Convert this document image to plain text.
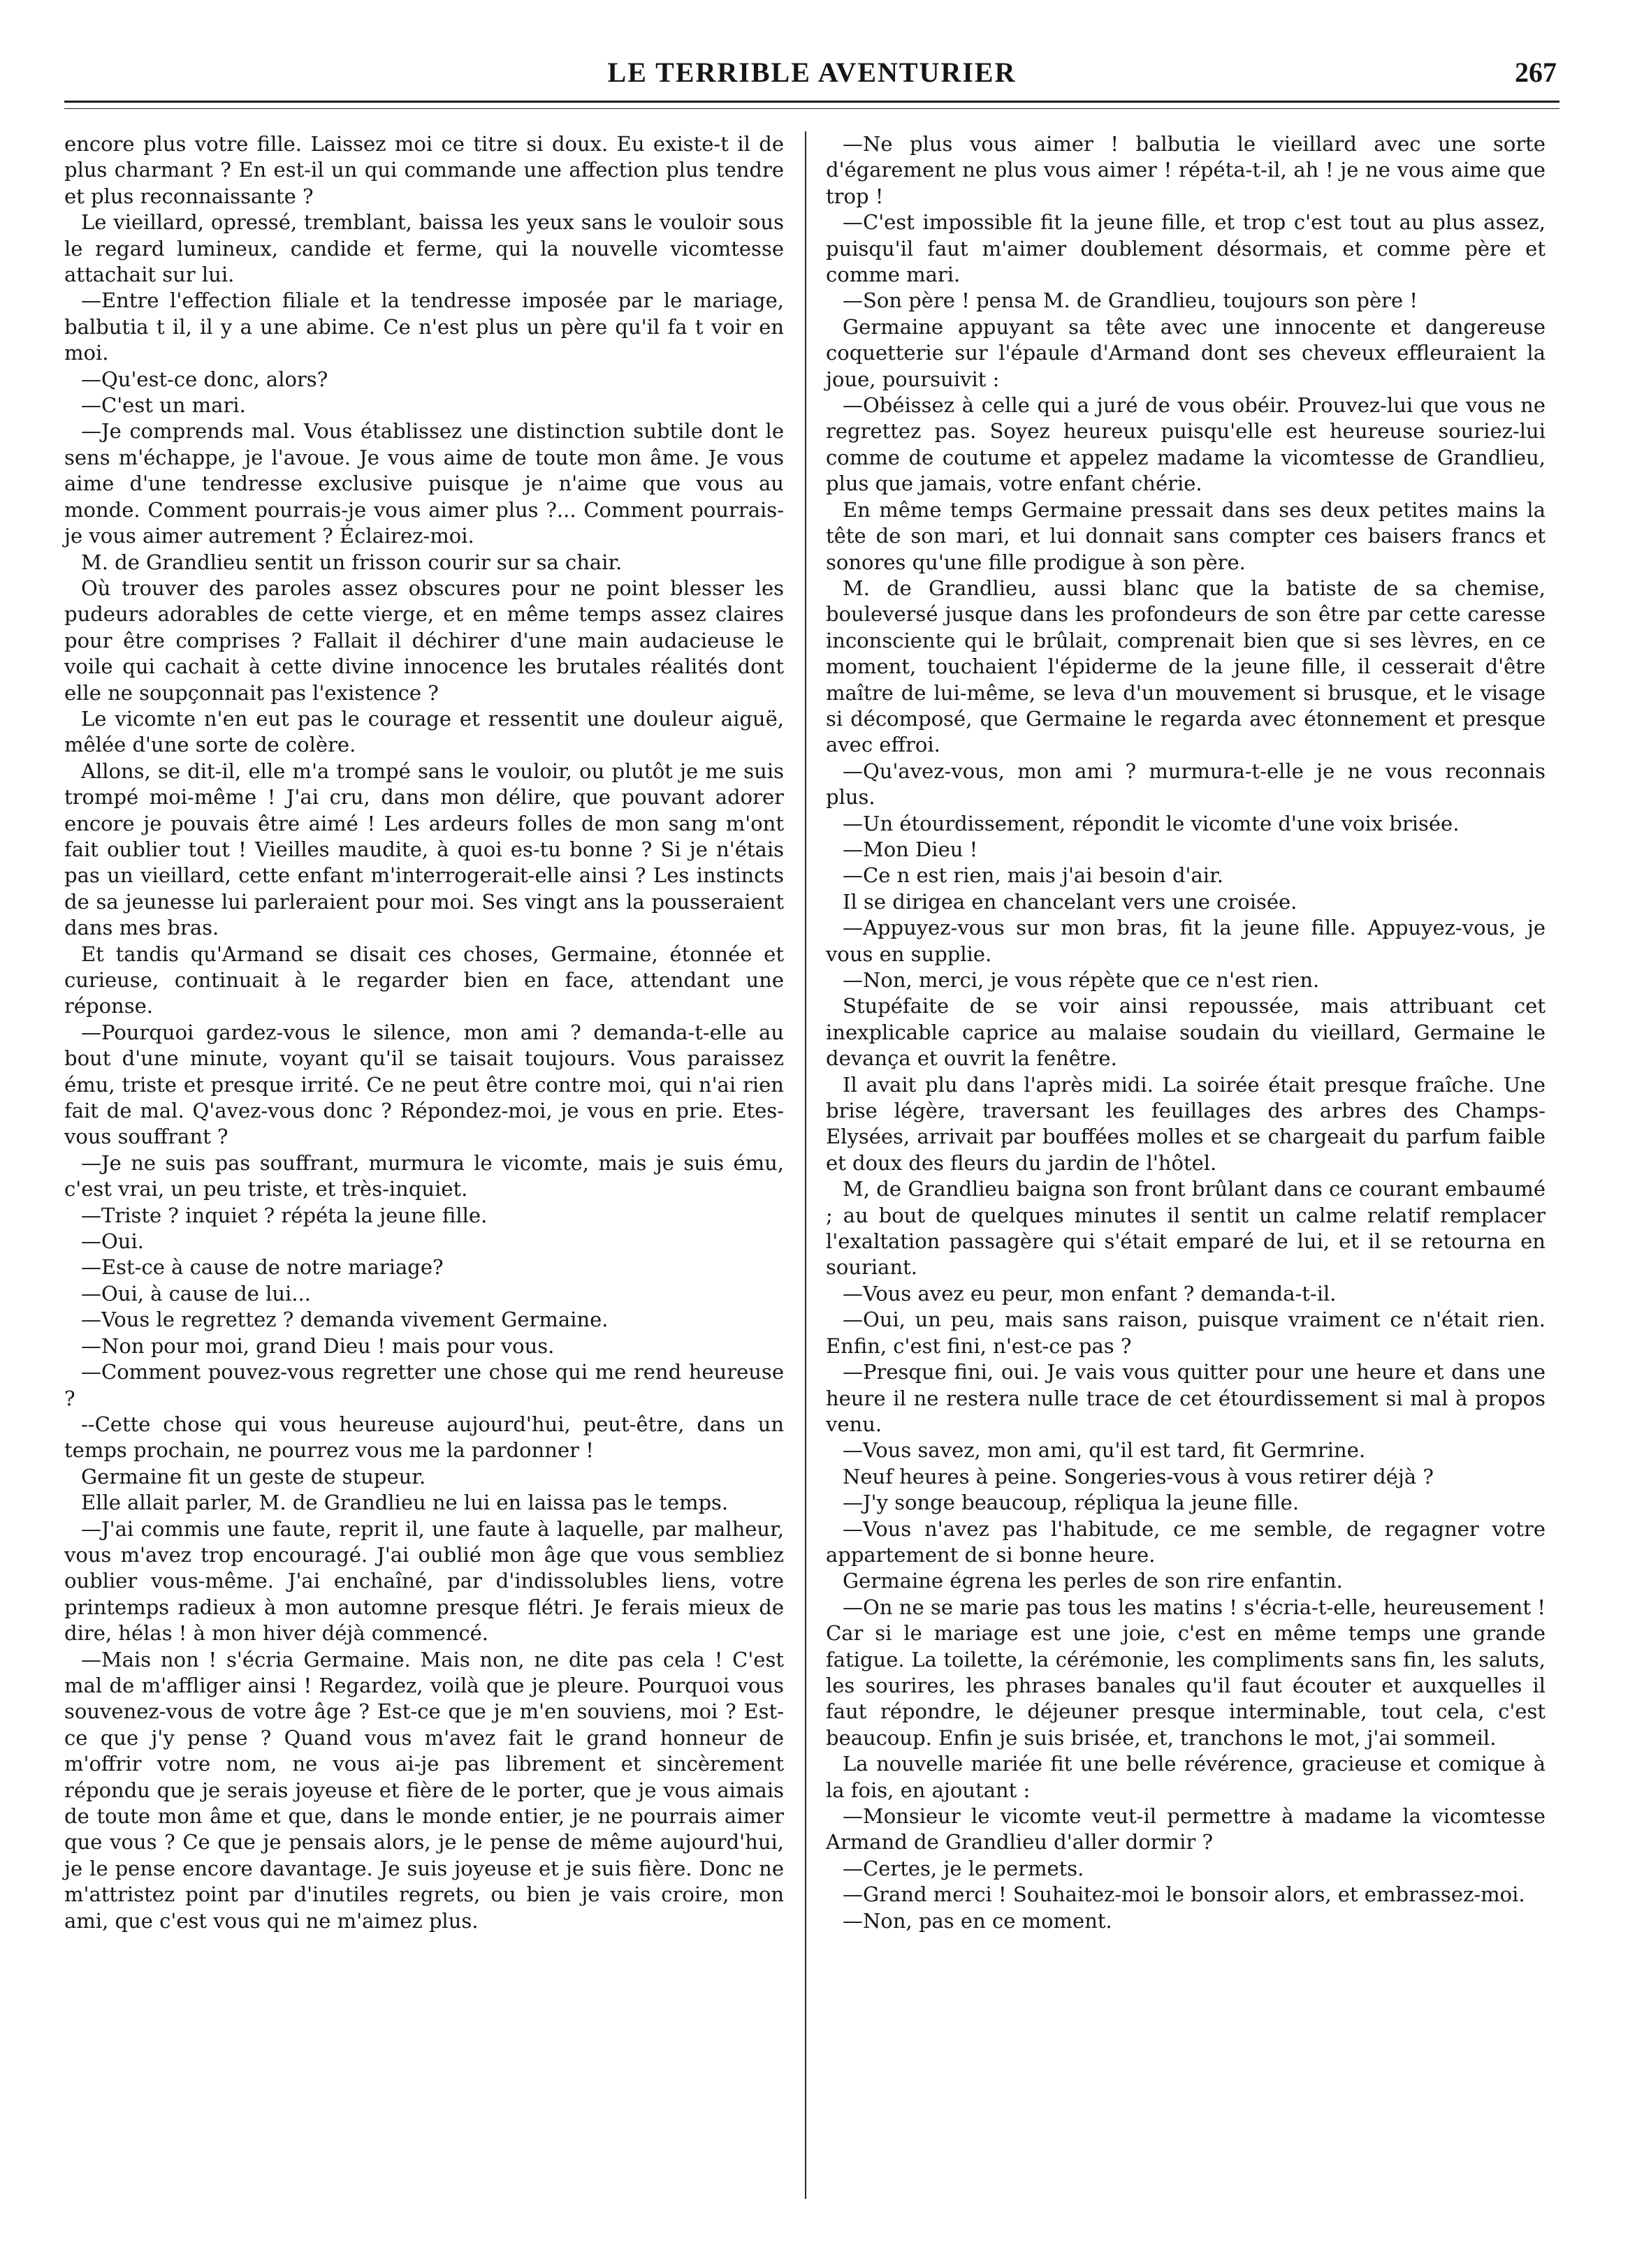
LE TERRIBLE AVENTURIER	267

encore plus votre fille. Laissez moi ce titre si doux. Eu existe-t il de plus charmant ? En est-il un qui commande une affection plus tendre et plus reconnaissante ?

Le vieillard, opressé, tremblant, baissa les yeux sans le vouloir sous le regard lumineux, candide et ferme, qui la nouvelle vicomtesse attachait sur lui.

—Entre l'effection filiale et la tendresse imposée par le mariage, balbutia t il, il y a une abime. Ce n'est plus un père qu'il fa t voir en moi.

—Qu'est-ce donc, alors?

—C'est un mari.

—Je comprends mal. Vous établissez une distinction subtile dont le sens m'échappe, je l'avoue. Je vous aime de toute mon âme. Je vous aime d'une tendresse exclusive puisque je n'aime que vous au monde. Comment pourrais-je vous aimer plus ?... Comment pourrais-je vous aimer autrement ? Éclairez-moi.

M. de Grandlieu sentit un frisson courir sur sa chair.

Où trouver des paroles assez obscures pour ne point blesser les pudeurs adorables de cette vierge, et en même temps assez claires pour être comprises ? Fallait il déchirer d'une main audacieuse le voile qui cachait à cette divine innocence les brutales réalités dont elle ne soupçonnait pas l'existence ?

Le vicomte n'en eut pas le courage et ressentit une douleur aiguë, mêlée d'une sorte de colère.

Allons, se dit-il, elle m'a trompé sans le vouloir, ou plutôt je me suis trompé moi-même ! J'ai cru, dans mon délire, que pouvant adorer encore je pouvais être aimé ! Les ardeurs folles de mon sang m'ont fait oublier tout ! Vieilles maudite, à quoi es-tu bonne ? Si je n'étais pas un vieillard, cette enfant m'interrogerait-elle ainsi ? Les instincts de sa jeunesse lui parleraient pour moi. Ses vingt ans la pousseraient dans mes bras.

Et tandis qu'Armand se disait ces choses, Germaine, étonnée et curieuse, continuait à le regarder bien en face, attendant une réponse.

—Pourquoi gardez-vous le silence, mon ami ? demanda-t-elle au bout d'une minute, voyant qu'il se taisait toujours. Vous paraissez ému, triste et presque irrité. Ce ne peut être contre moi, qui n'ai rien fait de mal. Q'avez-vous donc ? Répondez-moi, je vous en prie. Etes-vous souffrant ?

—Je ne suis pas souffrant, murmura le vicomte, mais je suis ému, c'est vrai, un peu triste, et très-inquiet.

—Triste ? inquiet ? répéta la jeune fille.

—Oui.

—Est-ce à cause de notre mariage?

—Oui, à cause de lui...

—Vous le regrettez ? demanda vivement Germaine.

—Non pour moi, grand Dieu ! mais pour vous.

—Comment pouvez-vous regretter une chose qui me rend heureuse ?

--Cette chose qui vous heureuse aujourd'hui, peut-être, dans un temps prochain, ne pourrez vous me la pardonner !

Germaine fit un geste de stupeur.

Elle allait parler, M. de Grandlieu ne lui en laissa pas le temps.

—J'ai commis une faute, reprit il, une faute à laquelle, par malheur, vous m'avez trop encouragé. J'ai oublié mon âge que vous sembliez oublier vous-même. J'ai enchaîné, par d'indissolubles liens, votre printemps radieux à mon automne presque flétri. Je ferais mieux de dire, hélas ! à mon hiver déjà commencé.

—Mais non ! s'écria Germaine. Mais non, ne dite pas cela ! C'est mal de m'affliger ainsi ! Regardez, voilà que je pleure. Pourquoi vous souvenez-vous de votre âge ? Est-ce que je m'en souviens, moi ? Est-ce que j'y pense ? Quand vous m'avez fait le grand honneur de m'offrir votre nom, ne vous ai-je pas librement et sincèrement répondu que je serais joyeuse et fière de le porter, que je vous aimais de toute mon âme et que, dans le monde entier, je ne pourrais aimer que vous ? Ce que je pensais alors, je le pense de même aujourd'hui, je le pense encore davantage. Je suis joyeuse et je suis fière. Donc ne m'attristez point par d'inutiles regrets, ou bien je vais croire, mon ami, que c'est vous qui ne m'aimez plus.

—Ne plus vous aimer ! balbutia le vieillard avec une sorte d'égarement ne plus vous aimer ! répéta-t-il, ah ! je ne vous aime que trop !

—C'est impossible fit la jeune fille, et trop c'est tout au plus assez, puisqu'il faut m'aimer doublement désormais, et comme père et comme mari.

—Son père ! pensa M. de Grandlieu, toujours son père !

Germaine appuyant sa tête avec une innocente et dangereuse coquetterie sur l'épaule d'Armand dont ses cheveux effleuraient la joue, poursuivit :

—Obéissez à celle qui a juré de vous obéir. Prouvez-lui que vous ne regrettez pas. Soyez heureux puisqu'elle est heureuse souriez-lui comme de coutume et appelez madame la vicomtesse de Grandlieu, plus que jamais, votre enfant chérie.

En même temps Germaine pressait dans ses deux petites mains la tête de son mari, et lui donnait sans compter ces baisers francs et sonores qu'une fille prodigue à son père.

M. de Grandlieu, aussi blanc que la batiste de sa chemise, bouleversé jusque dans les profondeurs de son être par cette caresse inconsciente qui le brûlait, comprenait bien que si ses lèvres, en ce moment, touchaient l'épiderme de la jeune fille, il cesserait d'être maître de lui-même, se leva d'un mouvement si brusque, et le visage si décomposé, que Germaine le regarda avec étonnement et presque avec effroi.

—Qu'avez-vous, mon ami ? murmura-t-elle je ne vous reconnais plus.

—Un étourdissement, répondit le vicomte d'une voix brisée.

—Mon Dieu !

—Ce n est rien, mais j'ai besoin d'air.

Il se dirigea en chancelant vers une croisée.

—Appuyez-vous sur mon bras, fit la jeune fille. Appuyez-vous, je vous en supplie.

—Non, merci, je vous répète que ce n'est rien.

Stupéfaite de se voir ainsi repoussée, mais attribuant cet inexplicable caprice au malaise soudain du vieillard, Germaine le devança et ouvrit la fenêtre.

Il avait plu dans l'après midi. La soirée était presque fraîche. Une brise légère, traversant les feuillages des arbres des Champs-Elysées, arrivait par bouffées molles et se chargeait du parfum faible et doux des fleurs du jardin de l'hôtel.

M, de Grandlieu baigna son front brûlant dans ce courant embaumé ; au bout de quelques minutes il sentit un calme relatif remplacer l'exaltation passagère qui s'était emparé de lui, et il se retourna en souriant.

—Vous avez eu peur, mon enfant ? demanda-t-il.

—Oui, un peu, mais sans raison, puisque vraiment ce n'était rien. Enfin, c'est fini, n'est-ce pas ?

—Presque fini, oui. Je vais vous quitter pour une heure et dans une heure il ne restera nulle trace de cet étourdissement si mal à propos venu.

—Vous savez, mon ami, qu'il est tard, fit Germrine.

Neuf heures à peine. Songeries-vous à vous retirer déjà ?

—J'y songe beaucoup, répliqua la jeune fille.

—Vous n'avez pas l'habitude, ce me semble, de regagner votre appartement de si bonne heure.

Germaine égrena les perles de son rire enfantin.

—On ne se marie pas tous les matins ! s'écria-t-elle, heureusement ! Car si le mariage est une joie, c'est en même temps une grande fatigue. La toilette, la cérémonie, les compliments sans fin, les saluts, les sourires, les phrases banales qu'il faut écouter et auxquelles il faut répondre, le déjeuner presque interminable, tout cela, c'est beaucoup. Enfin je suis brisée, et, tranchons le mot, j'ai sommeil.

La nouvelle mariée fit une belle révérence, gracieuse et comique à la fois, en ajoutant :

—Monsieur le vicomte veut-il permettre à madame la vicomtesse Armand de Grandlieu d'aller dormir ?

—Certes, je le permets.

—Grand merci ! Souhaitez-moi le bonsoir alors, et embrassez-moi.

—Non, pas en ce moment.
